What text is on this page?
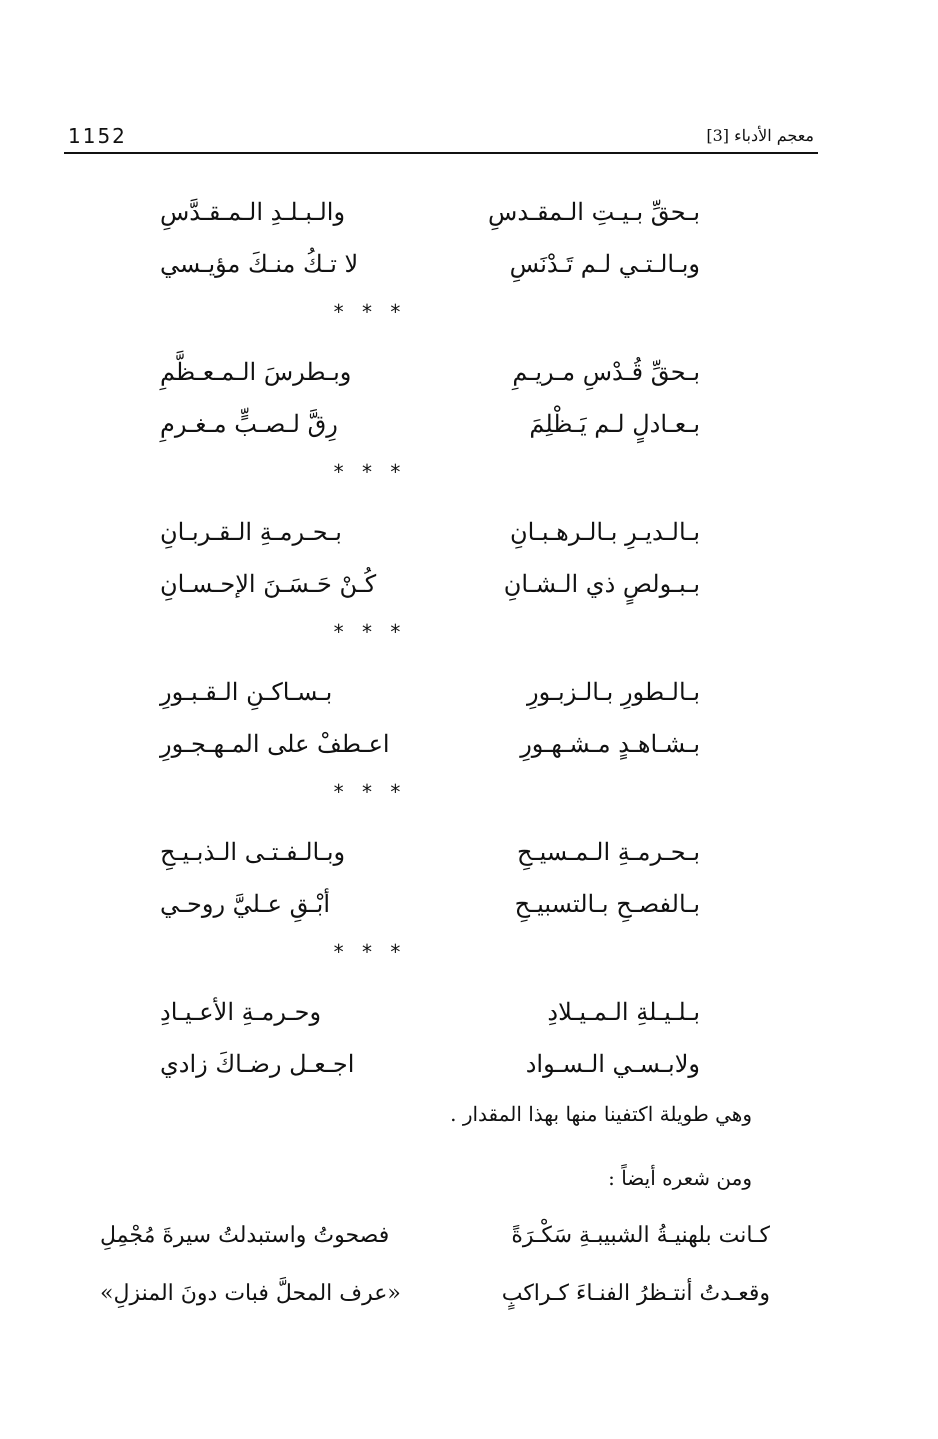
1152	معجم الأدباء [3]
بـحقِّ بـيـتِ الـمقـدسِ
والـبـلـدِ الـمـقـدَّسِ
وبـالـتـي لـم تَـدْنَسِ
لا تـكُ منـكَ مؤيـسي
* * *
بـحقِّ قُـدْسِ مـريـمِ
وبـطرسَ الـمـعـظَّمِ
بـعـادلٍ لـم يَـظْلِمَ
رِقَّ لـصـبٍّ مـغـرمِ
* * *
بـالـديـرِ بـالـرهـبـانِ
بـحـرمـةِ الـقـربـانِ
بـبـولصٍ ذي الـشـانِ
كُـنْ حَـسَـنَ الإحـسـانِ
* * *
بـالـطورِ بـالـزبـورِ
بـسـاكـنِ الـقـبـورِ
بـشـاهـدٍ مـشـهـورِ
اعـطفْ على المـهـجـورِ
* * *
بـحـرمـةِ الـمـسيـحِ
وبـالـفـتـى الـذبـيـحِ
بـالفصـحِ بـالتسبيـحِ
أبْـقِ عـليَّ روحـي
* * *
بـلـيـلةِ الـمـيـلادِ
وحـرمـةِ الأعـيـادِ
ولابـسـي الـسـواد
اجـعـل رضـاكَ زادي
وهي طويلة اكتفينا منها بهذا المقدار .
ومن شعره أيضاً :
كـانت بلهنيـةُ الشبيبـةِ سَكْـرَةً
فصحوتُ واستبدلتُ سيرةَ مُجْمِلِ
وقعـدتُ أنتـظرُ الفنـاءَ كـراكبٍ
«عرف المحلَّ فبات دونَ المنزلِ»
